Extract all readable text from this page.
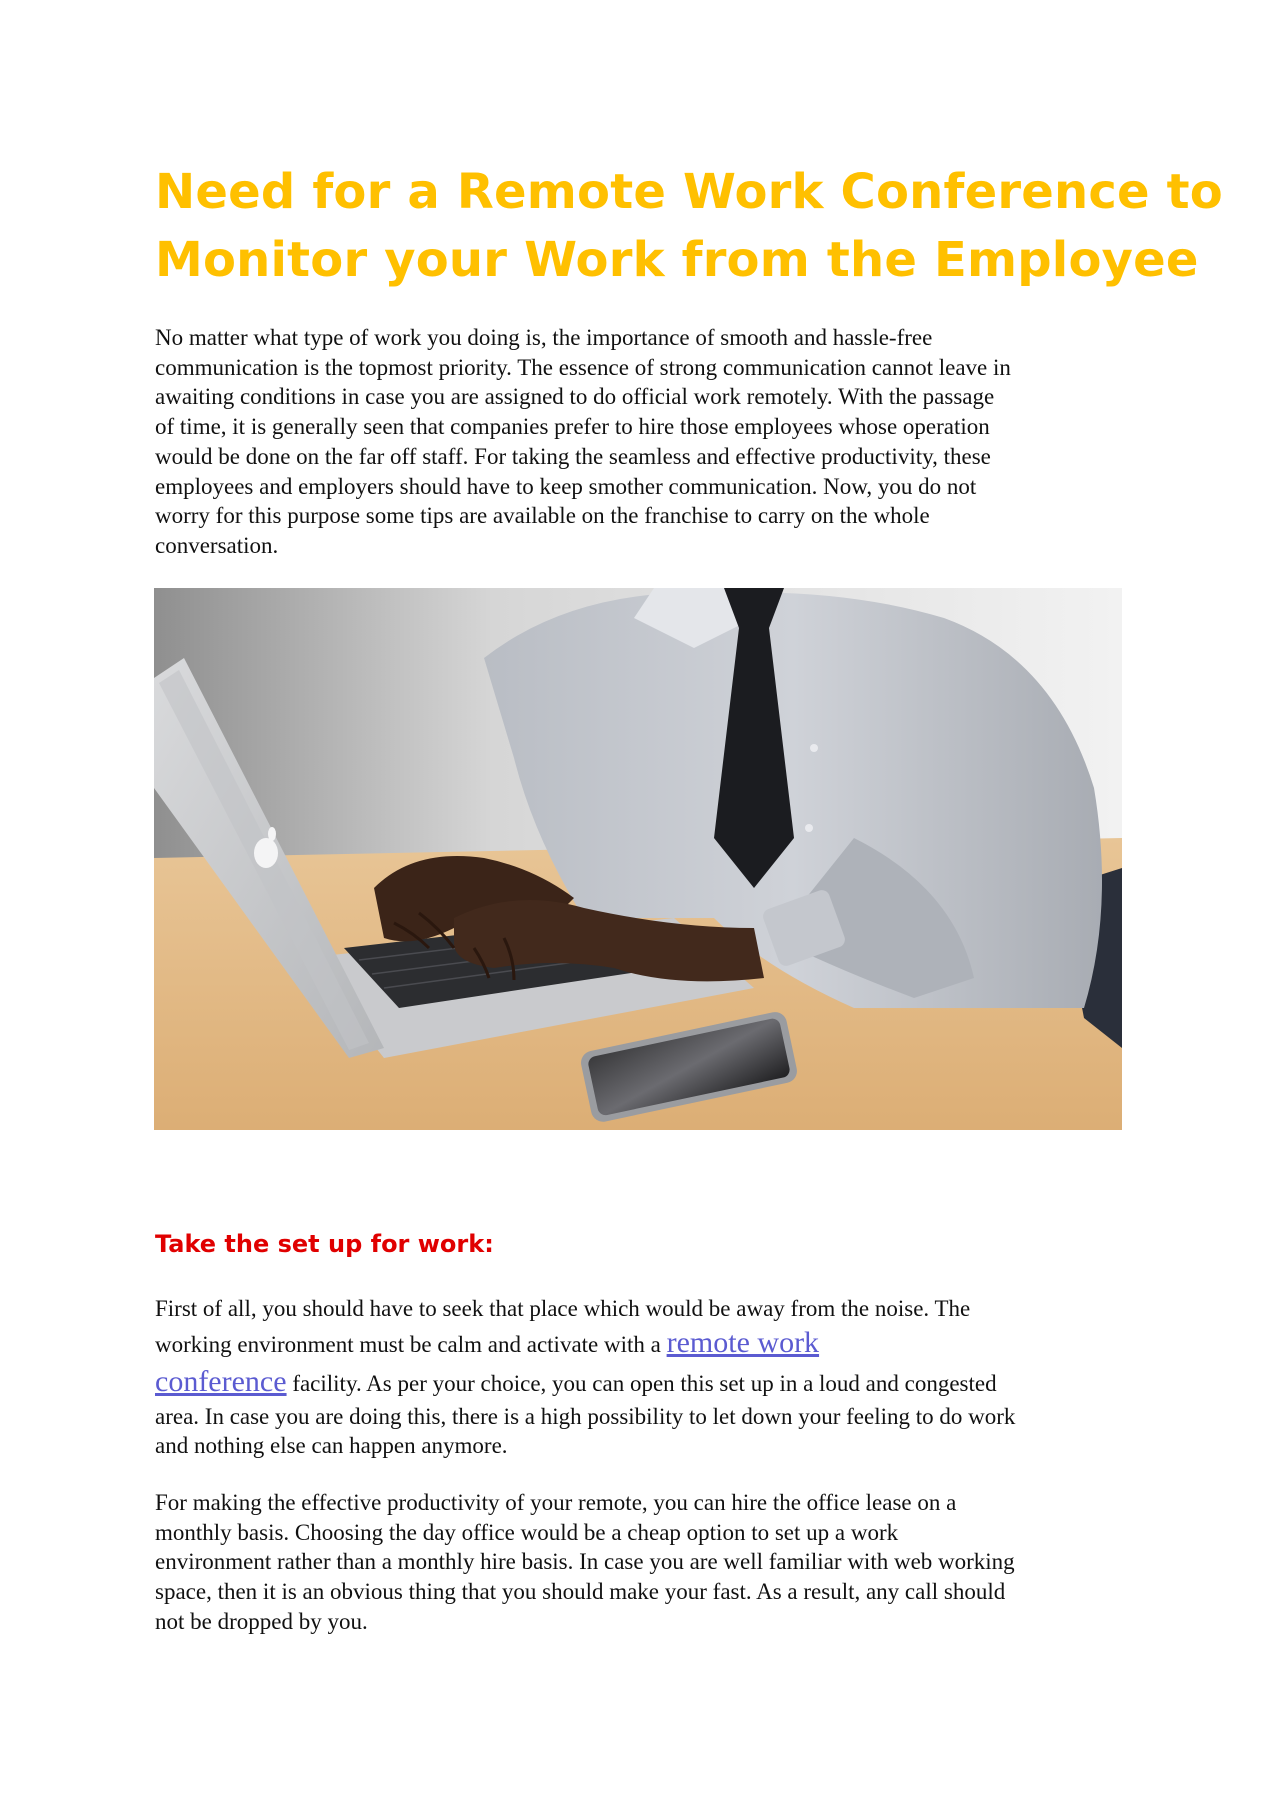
Need for a Remote Work Conference to
Monitor your Work from the Employee

No matter what type of work you doing is, the importance of smooth and hassle-free
communication is the topmost priority. The essence of strong communication cannot leave in
awaiting conditions in case you are assigned to do official work remotely. With the passage
of time, it is generally seen that companies prefer to hire those employees whose operation
would be done on the far off staff. For taking the seamless and effective productivity, these
employees and employers should have to keep smother communication. Now, you do not
worry for this purpose some tips are available on the franchise to carry on the whole
conversation.

Take the set up for work:
First of all, you should have to seek that place which would be away from the noise. The
working environment must be calm and activate with a remote work
conference facility. As per your choice, you can open this set up in a loud and congested
area. In case you are doing this, there is a high possibility to let down your feeling to do work
and nothing else can happen anymore.

For making the effective productivity of your remote, you can hire the office lease on a
monthly basis. Choosing the day office would be a cheap option to set up a work
environment rather than a monthly hire basis. In case you are well familiar with web working
space, then it is an obvious thing that you should make your fast. As a result, any call should
not be dropped by you.
